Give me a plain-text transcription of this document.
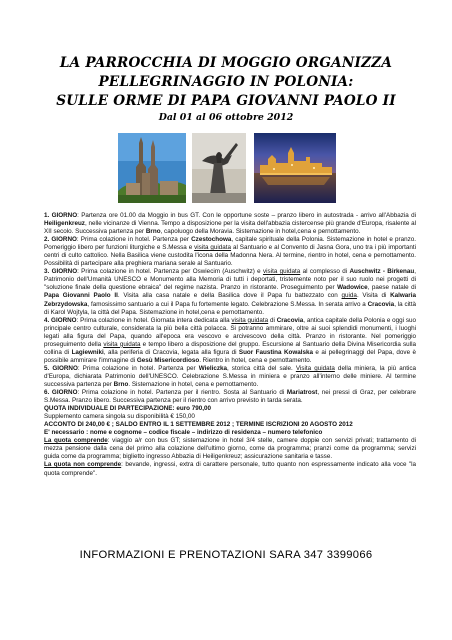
LA PARROCCHIA DI MOGGIO ORGANIZZA
PELLEGRINAGGIO IN POLONIA:
SULLE ORME DI PAPA GIOVANNI PAOLO II
Dal 01 al 06 ottobre 2012

1. GIORNO: Partenza ore 01.00 da Moggio in bus GT. Con le opportune soste – pranzo libero in autostrada - arrivo all'Abbazia di Heiligenkreuz, nelle vicinanze di Vienna. Tempo a disposizione per la visita dell'abbazia cistercense più grande d'Europa, risalente al XII secolo. Successiva partenza per Brno, capoluogo della Moravia. Sistemazione in hotel,cena e pernottamento.

2. GIORNO: Prima colazione in hotel. Partenza per Czestochowa, capitale spirituale della Polonia. Sistemazione in hotel e pranzo. Pomeriggio libero per funzioni liturgiche e S.Messa e visita guidata al Santuario e al Convento di Jasna Gora, uno tra i più importanti centri di culto cattolico. Nella Basilica viene custodita l'icona della Madonna Nera. Al termine, rientro in hotel, cena e pernottamento. Possibilità di partecipare alla preghiera mariana serale al Santuario.

3. GIORNO: Prima colazione in hotel. Partenza per Oswiecim (Auschwitz) e visita guidata al complesso di Auschwitz - Birkenau, Patrimonio dell'Umanità UNESCO e Monumento alla Memoria di tutti i deportati, tristemente noto per il suo ruolo nei progetti di "soluzione finale della questione ebraica" del regime nazista. Pranzo in ristorante. Proseguimento per Wadowice, paese natale di Papa Giovanni Paolo II. Visita alla casa natale e della Basilica dove il Papa fu battezzato con guida. Visita di Kalwaria Zebrzydowska, famosissimo santuario a cui il Papa fu fortemente legato. Celebrazione S.Messa. In serata arrivo a Cracovia, la città di Karol Wojtyla, la città del Papa. Sistemazione in hotel,cena e pernottamento.

4. GIORNO: Prima colazione in hotel. Giornata intera dedicata alla visita guidata di Cracovia, antica capitale della Polonia e oggi suo principale centro culturale, considerata la più bella città polacca. Si potranno ammirare, oltre ai suoi splendidi monumenti, i luoghi legati alla figura del Papa, quando all'epoca era vescovo e arcivescovo della città. Pranzo in ristorante. Nel pomeriggio proseguimento della visita guidata e tempo libero a disposizione del gruppo. Escursione al Santuario della Divina Misericordia sulla collina di Lagiewniki, alla periferia di Cracovia, legata alla figura di Suor Faustina Kowalska e ai pellegrinaggi del Papa, dove è possibile ammirare l'immagine di Gesù Misericordioso. Rientro in hotel, cena e pernottamento.

5. GIORNO: Prima colazione in hotel. Partenza per Wieliczka, storica città del sale. Visita guidata della miniera, la più antica d'Europa, dichiarata Patrimonio dell'UNESCO. Celebrazione S.Messa in miniera e pranzo all'interno delle miniere. Al termine successiva partenza per Brno. Sistemazione in hotel, cena e pernottamento.

6. GIORNO: Prima colazione in hotel. Partenza per il rientro. Sosta al Santuario di Mariatrost, nei pressi di Graz, per celebrare S.Messa. Pranzo libero. Successiva partenza per il rientro con arrivo previsto in tarda serata.

QUOTA INDIVIDUALE DI PARTECIPAZIONE: euro 790,00

Supplemento camera singola su disponibilità € 150,00

ACCONTO DI 240,00 € ; SALDO ENTRO IL 1 SETTEMBRE 2012 ; TERMINE ISCRIZIONI 20 AGOSTO 2012

E' necessario : nome e cognome – codice fiscale – indirizzo di residenza – numero telefonico

La quota comprende: viaggio a/r con bus GT; sistemazione in hotel 3/4 stelle, camere doppie con servizi privati; trattamento di mezza pensione dalla cena del primo alla colazione dell'ultimo giorno, come da programma; pranzi come da programma; servizi guida come da programma; biglietto ingresso Abbazia di Heiligenkreuz; assicurazione sanitaria e tasse.

La quota non comprende: bevande, ingressi, extra di carattere personale, tutto quanto non espressamente indicato alla voce "la quota comprende".

INFORMAZIONI E PRENOTAZIONI SARA 347 3399066
